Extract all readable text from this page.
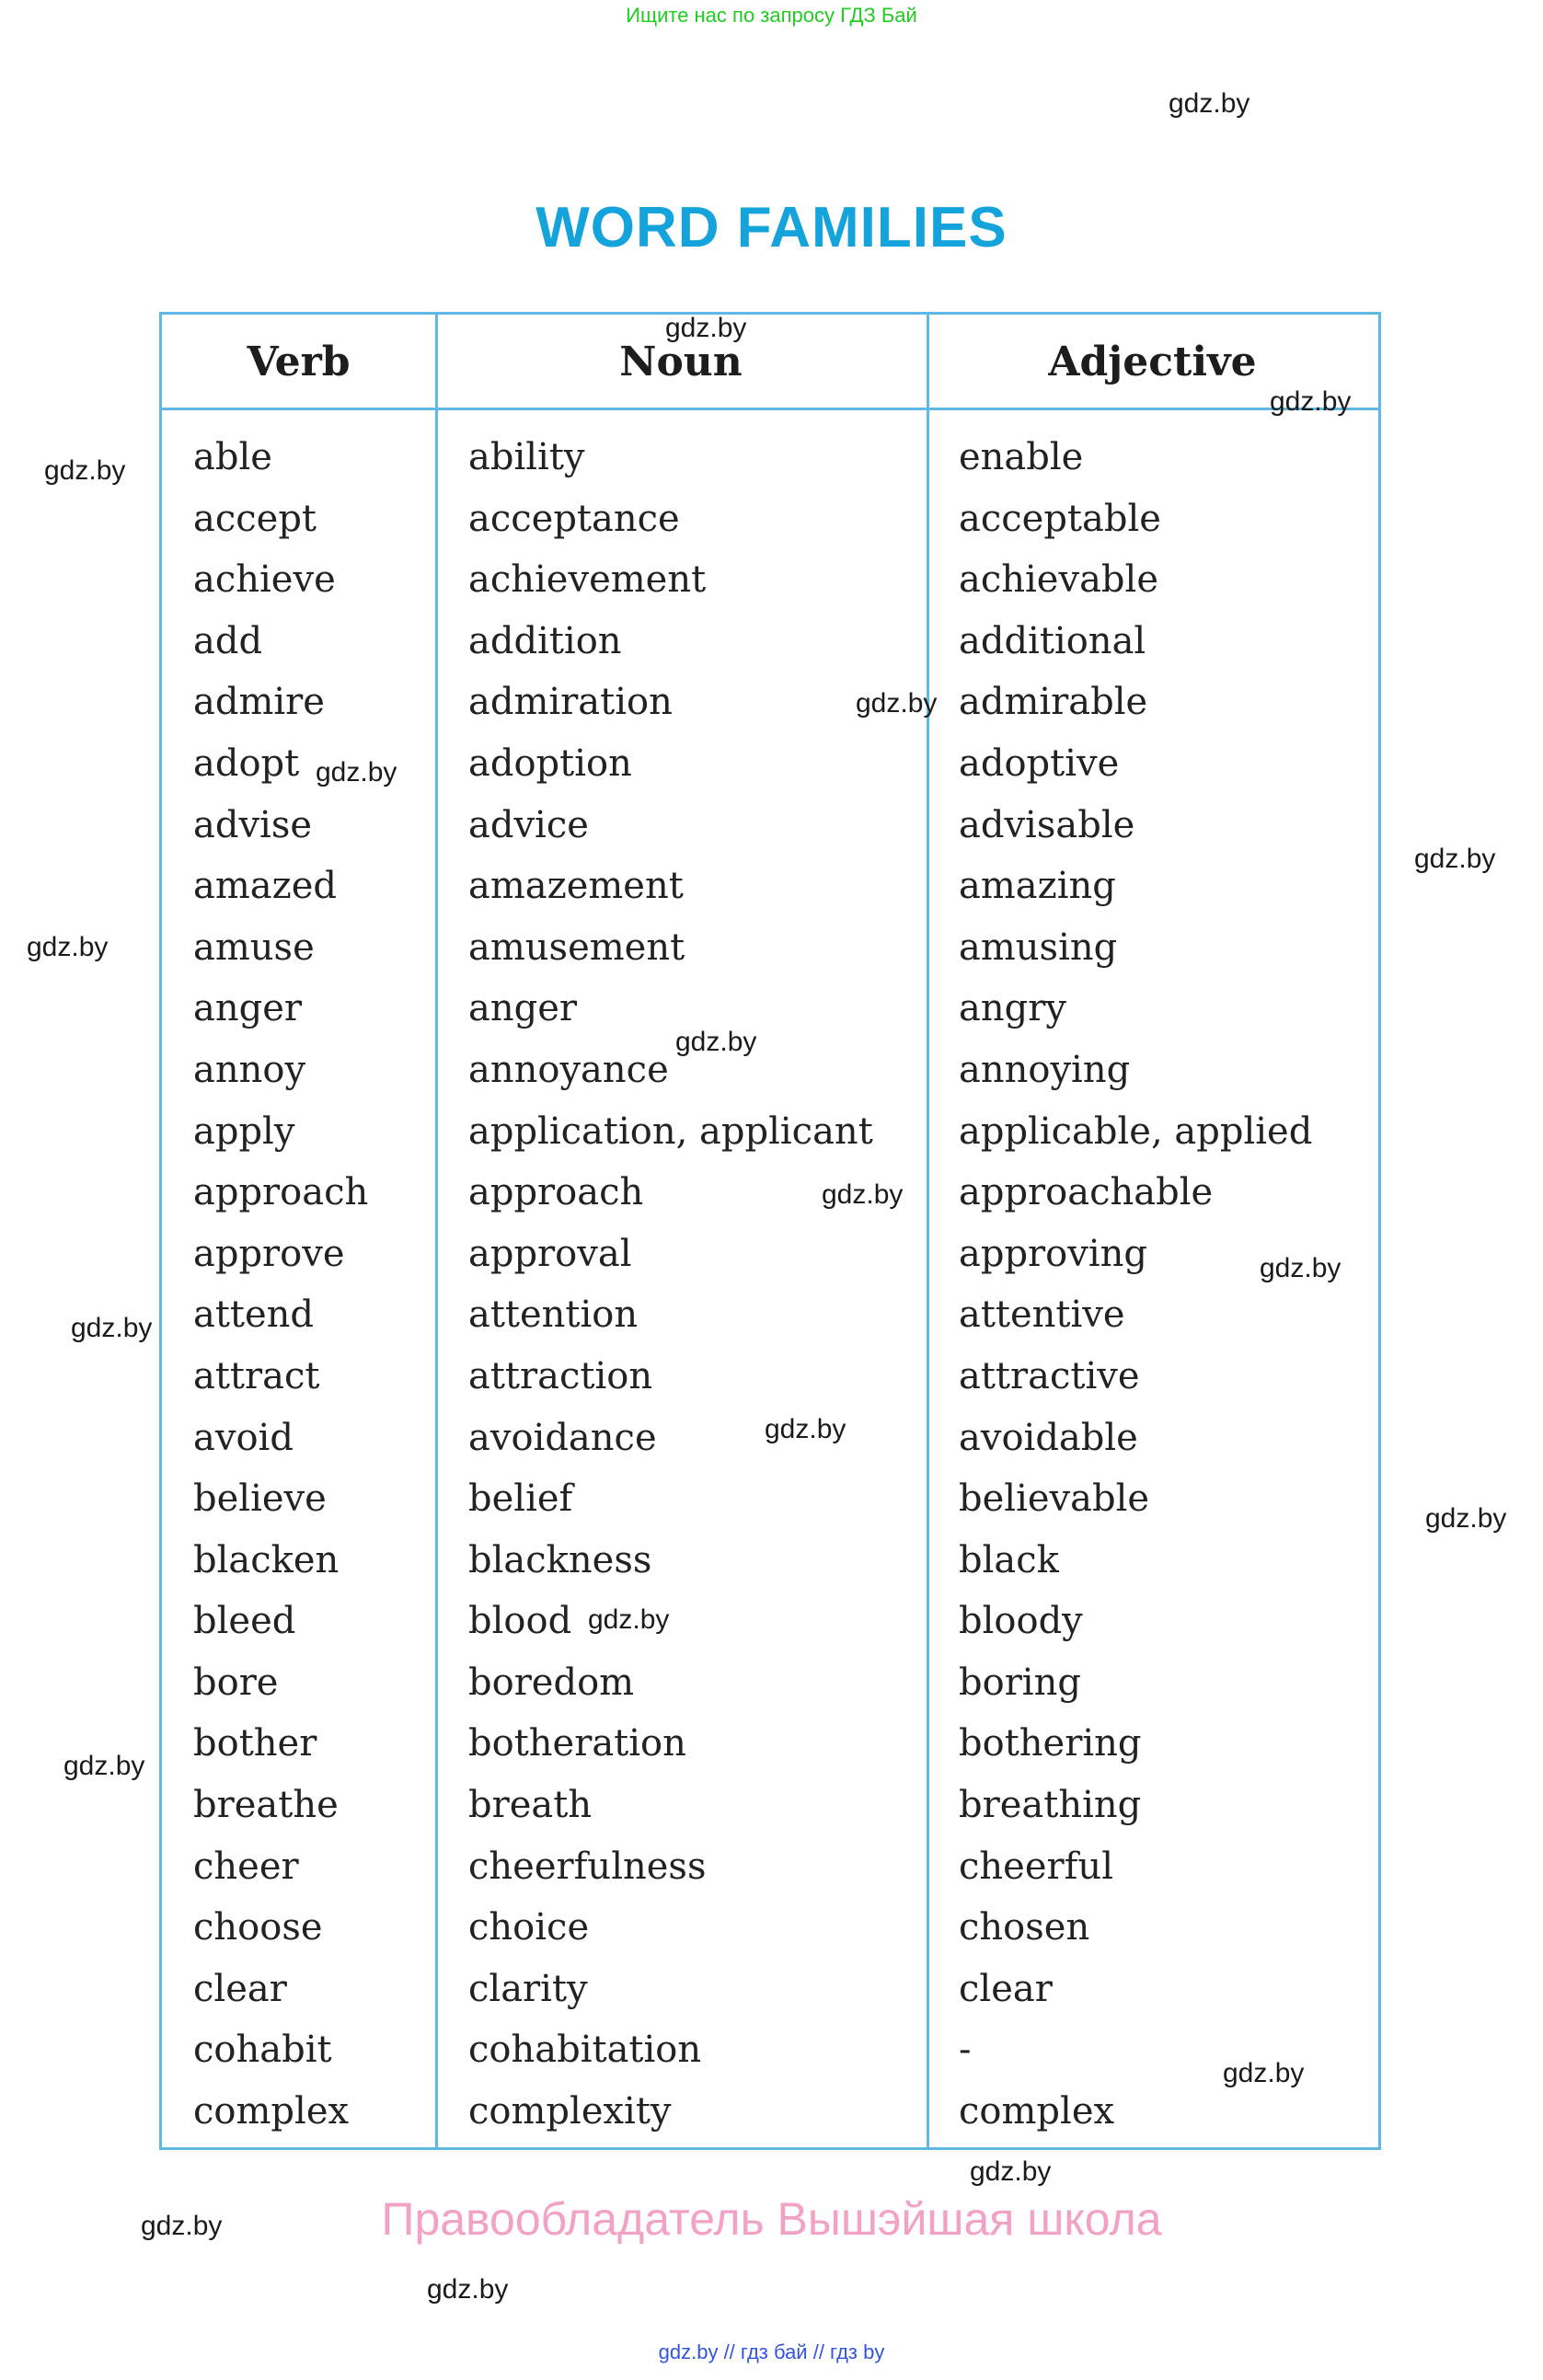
Ищите нас по запросу ГДЗ Бай
WORD FAMILIES
Verb	Noun	Adjective
able
accept
achieve
add
admire
adopt
advise
amazed
amuse
anger
annoy
apply
approach
approve
attend
attract
avoid
believe
blacken
bleed
bore
bother
breathe
cheer
choose
clear
cohabit
complex
ability
acceptance
achievement
addition
admiration
adoption
advice
amazement
amusement
anger
annoyance
application, applicant
approach
approval
attention
attraction
avoidance
belief
blackness
blood
boredom
botheration
breath
cheerfulness
choice
clarity
cohabitation
complexity
enable
acceptable
achievable
additional
admirable
adoptive
advisable
amazing
amusing
angry
annoying
applicable, applied
approachable
approving
attentive
attractive
avoidable
believable
black
bloody
boring
bothering
breathing
cheerful
chosen
clear
-
complex
gdz.by
gdz.by
gdz.by
gdz.by
gdz.by
gdz.by
gdz.by
gdz.by
gdz.by
gdz.by
gdz.by
gdz.by
gdz.by
gdz.by
gdz.by
gdz.by
gdz.by
gdz.by
gdz.by
gdz.by
Правообладатель Вышэйшая школа
gdz.by // гдз бай // гдз by
